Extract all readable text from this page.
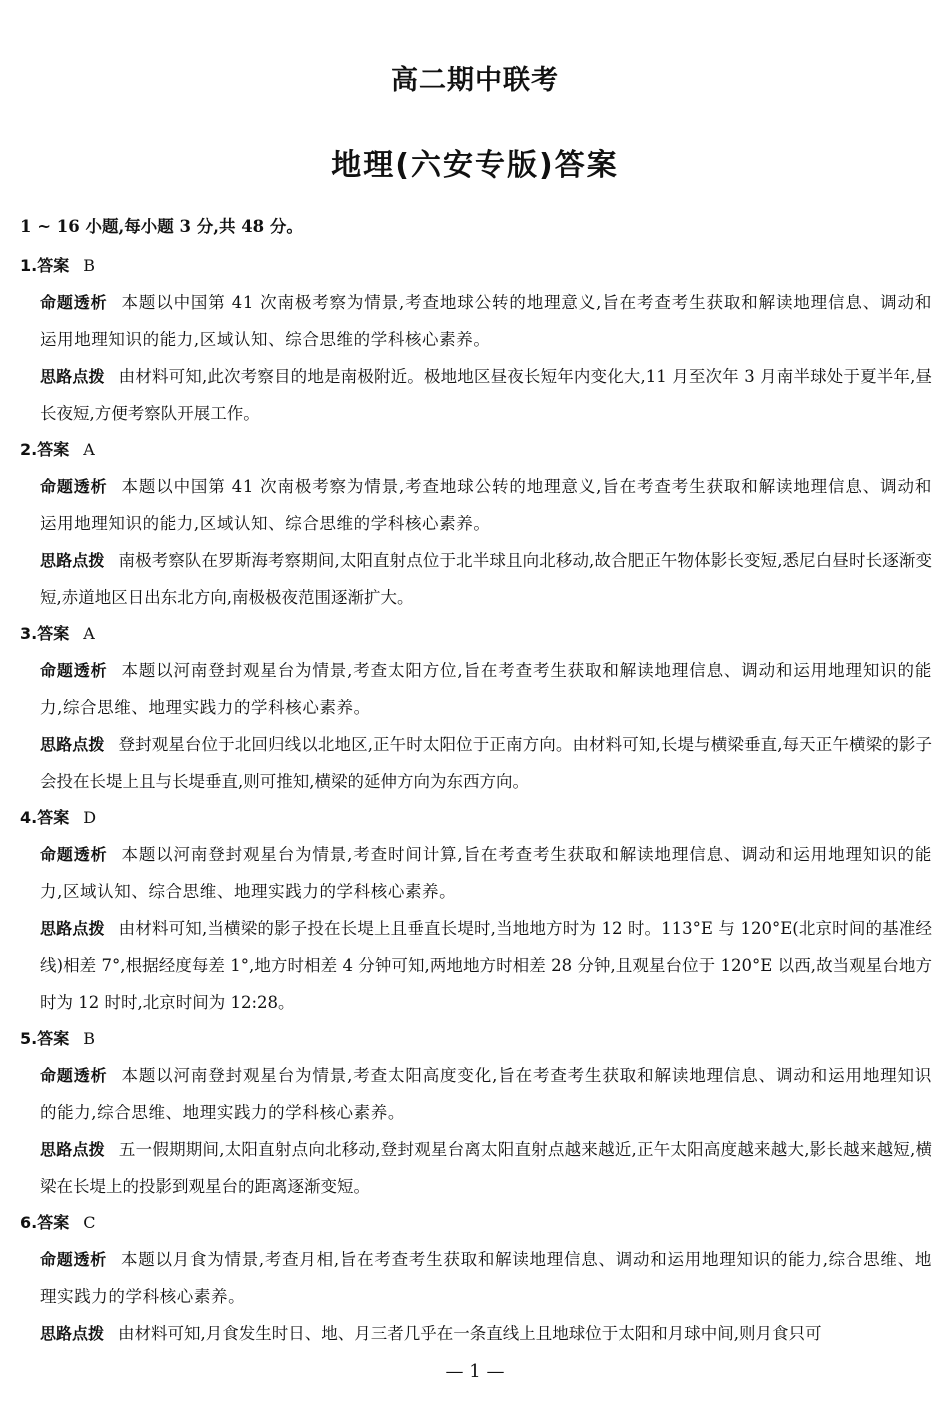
高二期中联考
地理(六安专版)答案
1 ~ 16 小题,每小题 3 分,共 48 分。
1.答案 B

命题透析 本题以中国第 41 次南极考察为情景,考查地球公转的地理意义,旨在考查考生获取和解读地理信息、调动和运用地理知识的能力,区域认知、综合思维的学科核心素养。

思路点拨 由材料可知,此次考察目的地是南极附近。极地地区昼夜长短年内变化大,11 月至次年 3 月南半球处于夏半年,昼长夜短,方便考察队开展工作。

2.答案 A

命题透析 本题以中国第 41 次南极考察为情景,考查地球公转的地理意义,旨在考查考生获取和解读地理信息、调动和运用地理知识的能力,区域认知、综合思维的学科核心素养。

思路点拨 南极考察队在罗斯海考察期间,太阳直射点位于北半球且向北移动,故合肥正午物体影长变短,悉尼白昼时长逐渐变短,赤道地区日出东北方向,南极极夜范围逐渐扩大。

3.答案 A

命题透析 本题以河南登封观星台为情景,考查太阳方位,旨在考查考生获取和解读地理信息、调动和运用地理知识的能力,综合思维、地理实践力的学科核心素养。

思路点拨 登封观星台位于北回归线以北地区,正午时太阳位于正南方向。由材料可知,长堤与横梁垂直,每天正午横梁的影子会投在长堤上且与长堤垂直,则可推知,横梁的延伸方向为东西方向。

4.答案 D

命题透析 本题以河南登封观星台为情景,考查时间计算,旨在考查考生获取和解读地理信息、调动和运用地理知识的能力,区域认知、综合思维、地理实践力的学科核心素养。

思路点拨 由材料可知,当横梁的影子投在长堤上且垂直长堤时,当地地方时为 12 时。113°E 与 120°E(北京时间的基准经线)相差 7°,根据经度每差 1°,地方时相差 4 分钟可知,两地地方时相差 28 分钟,且观星台位于 120°E 以西,故当观星台地方时为 12 时时,北京时间为 12:28。

5.答案 B

命题透析 本题以河南登封观星台为情景,考查太阳高度变化,旨在考查考生获取和解读地理信息、调动和运用地理知识的能力,综合思维、地理实践力的学科核心素养。

思路点拨 五一假期期间,太阳直射点向北移动,登封观星台离太阳直射点越来越近,正午太阳高度越来越大,影长越来越短,横梁在长堤上的投影到观星台的距离逐渐变短。

6.答案 C

命题透析 本题以月食为情景,考查月相,旨在考查考生获取和解读地理信息、调动和运用地理知识的能力,综合思维、地理实践力的学科核心素养。

思路点拨 由材料可知,月食发生时日、地、月三者几乎在一条直线上且地球位于太阳和月球中间,则月食只可

— 1 —
